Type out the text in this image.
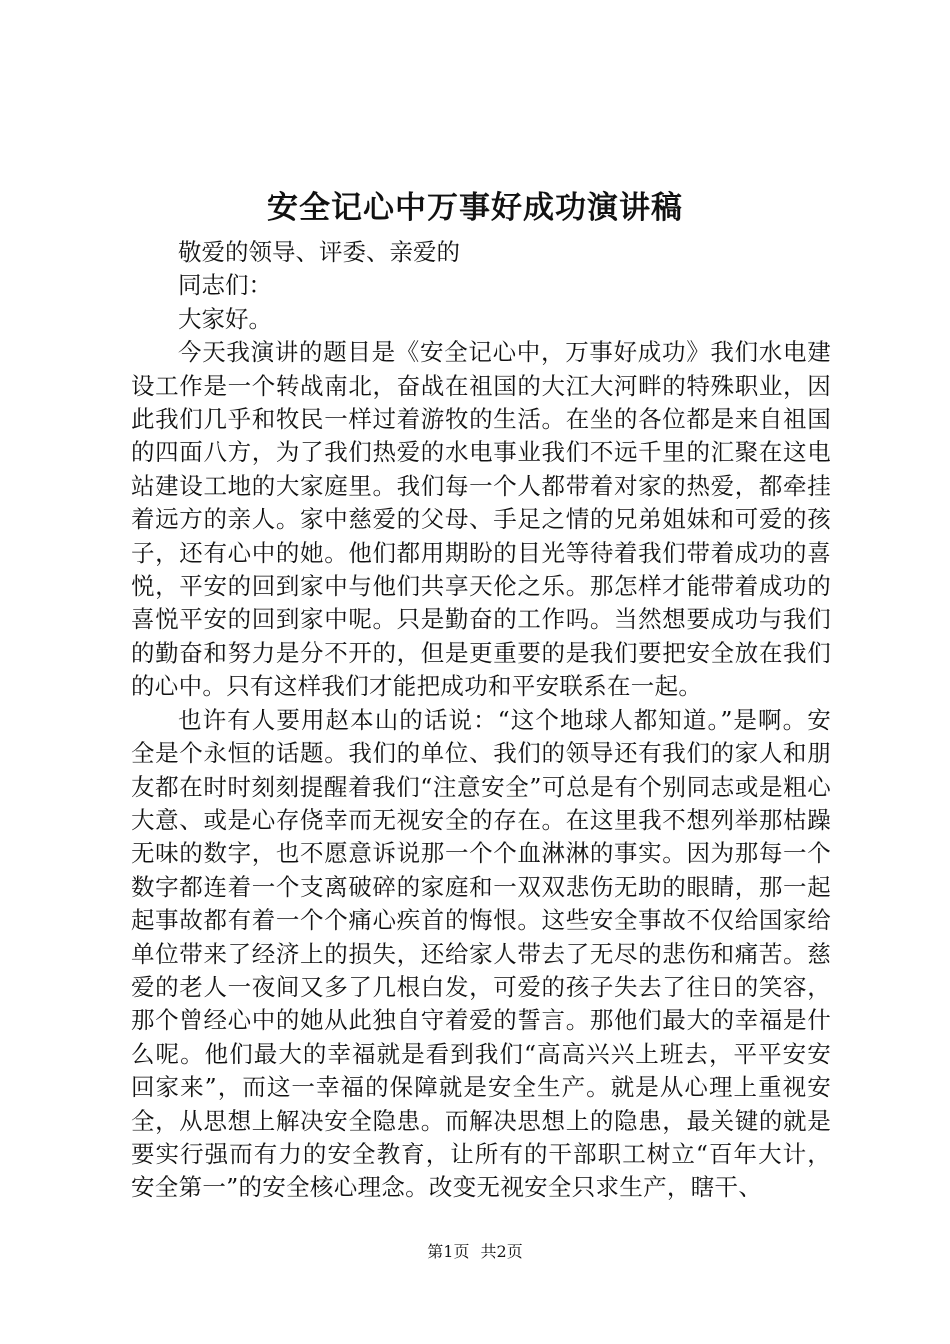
安全记心中万事好成功演讲稿

敬爱的领导、评委、亲爱的

同志们：

大家好。

今天我演讲的题目是《安全记心中，万事好成功》我们水电建设工作是一个转战南北，奋战在祖国的大江大河畔的特殊职业，因此我们几乎和牧民一样过着游牧的生活。在坐的各位都是来自祖国的四面八方，为了我们热爱的水电事业我们不远千里的汇聚在这电站建设工地的大家庭里。我们每一个人都带着对家的热爱，都牵挂着远方的亲人。家中慈爱的父母、手足之情的兄弟姐妹和可爱的孩子，还有心中的她。他们都用期盼的目光等待着我们带着成功的喜悦，平安的回到家中与他们共享天伦之乐。那怎样才能带着成功的喜悦平安的回到家中呢。只是勤奋的工作吗。当然想要成功与我们的勤奋和努力是分不开的，但是更重要的是我们要把安全放在我们的心中。只有这样我们才能把成功和平安联系在一起。

也许有人要用赵本山的话说：“这个地球人都知道。”是啊。安全是个永恒的话题。我们的单位、我们的领导还有我们的家人和朋友都在时时刻刻提醒着我们“注意安全”可总是有个别同志或是粗心大意、或是心存侥幸而无视安全的存在。在这里我不想列举那枯躁无味的数字，也不愿意诉说那一个个血淋淋的事实。因为那每一个数字都连着一个支离破碎的家庭和一双双悲伤无助的眼睛，那一起起事故都有着一个个痛心疾首的悔恨。这些安全事故不仅给国家给单位带来了经济上的损失，还给家人带去了无尽的悲伤和痛苦。慈爱的老人一夜间又多了几根白发，可爱的孩子失去了往日的笑容，那个曾经心中的她从此独自守着爱的誓言。那他们最大的幸福是什么呢。他们最大的幸福就是看到我们“高高兴兴上班去，平平安安回家来”，而这一幸福的保障就是安全生产。就是从心理上重视安全，从思想上解决安全隐患。而解决思想上的隐患，最关键的就是要实行强而有力的安全教育，让所有的干部职工树立“百年大计，安全第一”的安全核心理念。改变无视安全只求生产，瞎干、

第1页 共2页
